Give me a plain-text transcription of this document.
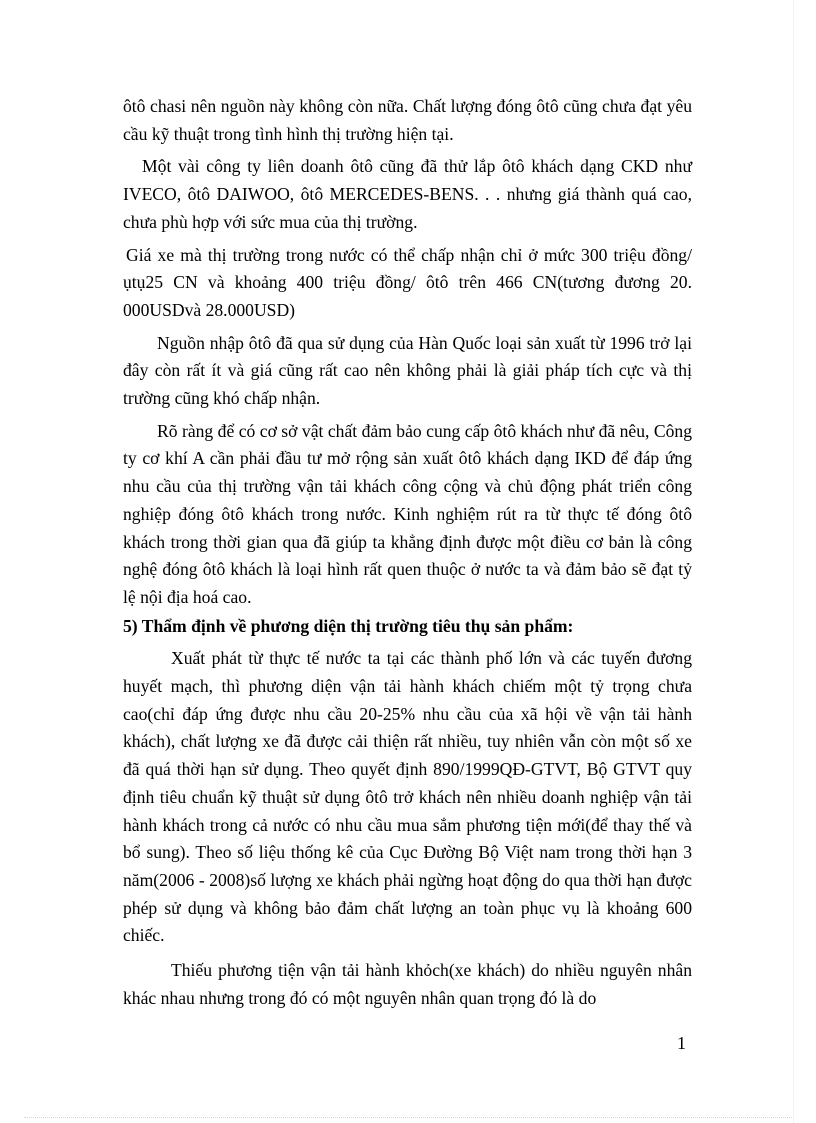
ôtô chasi nên nguồn này không còn nữa. Chất lượng đóng ôtô cũng chưa đạt yêu cầu kỹ thuật trong tình hình thị trường hiện tại.

Một vài công ty liên doanh ôtô cũng đã thử lắp ôtô khách dạng CKD như IVECO, ôtô DAIWOO, ôtô MERCEDES-BENS. . . nhưng giá thành quá cao, chưa phù hợp với sức mua của thị trường.

Giá xe mà thị trường trong nước có thể chấp nhận chỉ ở mức 300 triệu đồng/ ụtụ25 CN và khoảng 400 triệu đồng/ ôtô trên 466 CN(tương đương 20. 000USDvà 28.000USD)

Nguồn nhập ôtô đã qua sử dụng của Hàn Quốc loại sản xuất từ 1996 trở lại đây còn rất ít và giá cũng rất cao nên không phải là giải pháp tích cực và thị trường cũng khó chấp nhận.

Rõ ràng để có cơ sở vật chất đảm bảo cung cấp ôtô khách như đã nêu, Công ty cơ khí A cần phải đầu tư mở rộng sản xuất ôtô khách dạng IKD để đáp ứng nhu cầu của thị trường vận tải khách công cộng và chủ động phát triển công nghiệp đóng ôtô khách trong nước. Kinh nghiệm rút ra từ thực tế đóng ôtô khách trong thời gian qua đã giúp ta khẳng định được một điều cơ bản là công nghệ đóng ôtô khách là loại hình rất quen thuộc ở nước ta và đảm bảo sẽ đạt tỷ lệ nội địa hoá cao.

5) Thẩm định về phương diện thị trường tiêu thụ sản phẩm:

Xuất phát từ thực tế nước ta tại các thành phố lớn và các tuyến đương huyết mạch, thì phương diện vận tải hành khách chiếm một tỷ trọng chưa cao(chỉ đáp ứng được nhu cầu 20-25% nhu cầu của xã hội về vận tải hành khách), chất lượng xe đã được cải thiện rất nhiều, tuy nhiên vẫn còn một số xe đã quá thời hạn sử dụng. Theo quyết định 890/1999QĐ-GTVT, Bộ GTVT quy định tiêu chuẩn kỹ thuật sử dụng ôtô trở khách nên nhiều doanh nghiệp vận tải hành khách trong cả nước có nhu cầu mua sắm phương tiện mới(để thay thế và bổ sung). Theo số liệu thống kê của Cục Đường Bộ Việt nam trong thời hạn 3 năm(2006 - 2008)số lượng xe khách phải ngừng hoạt động do qua thời hạn được phép sử dụng và không bảo đảm chất lượng an toàn phục vụ là khoảng 600 chiếc.

Thiếu phương tiện vận tải hành khỏch(xe khách) do nhiều nguyên nhân khác nhau nhưng trong đó có một nguyên nhân quan trọng đó là do

1
